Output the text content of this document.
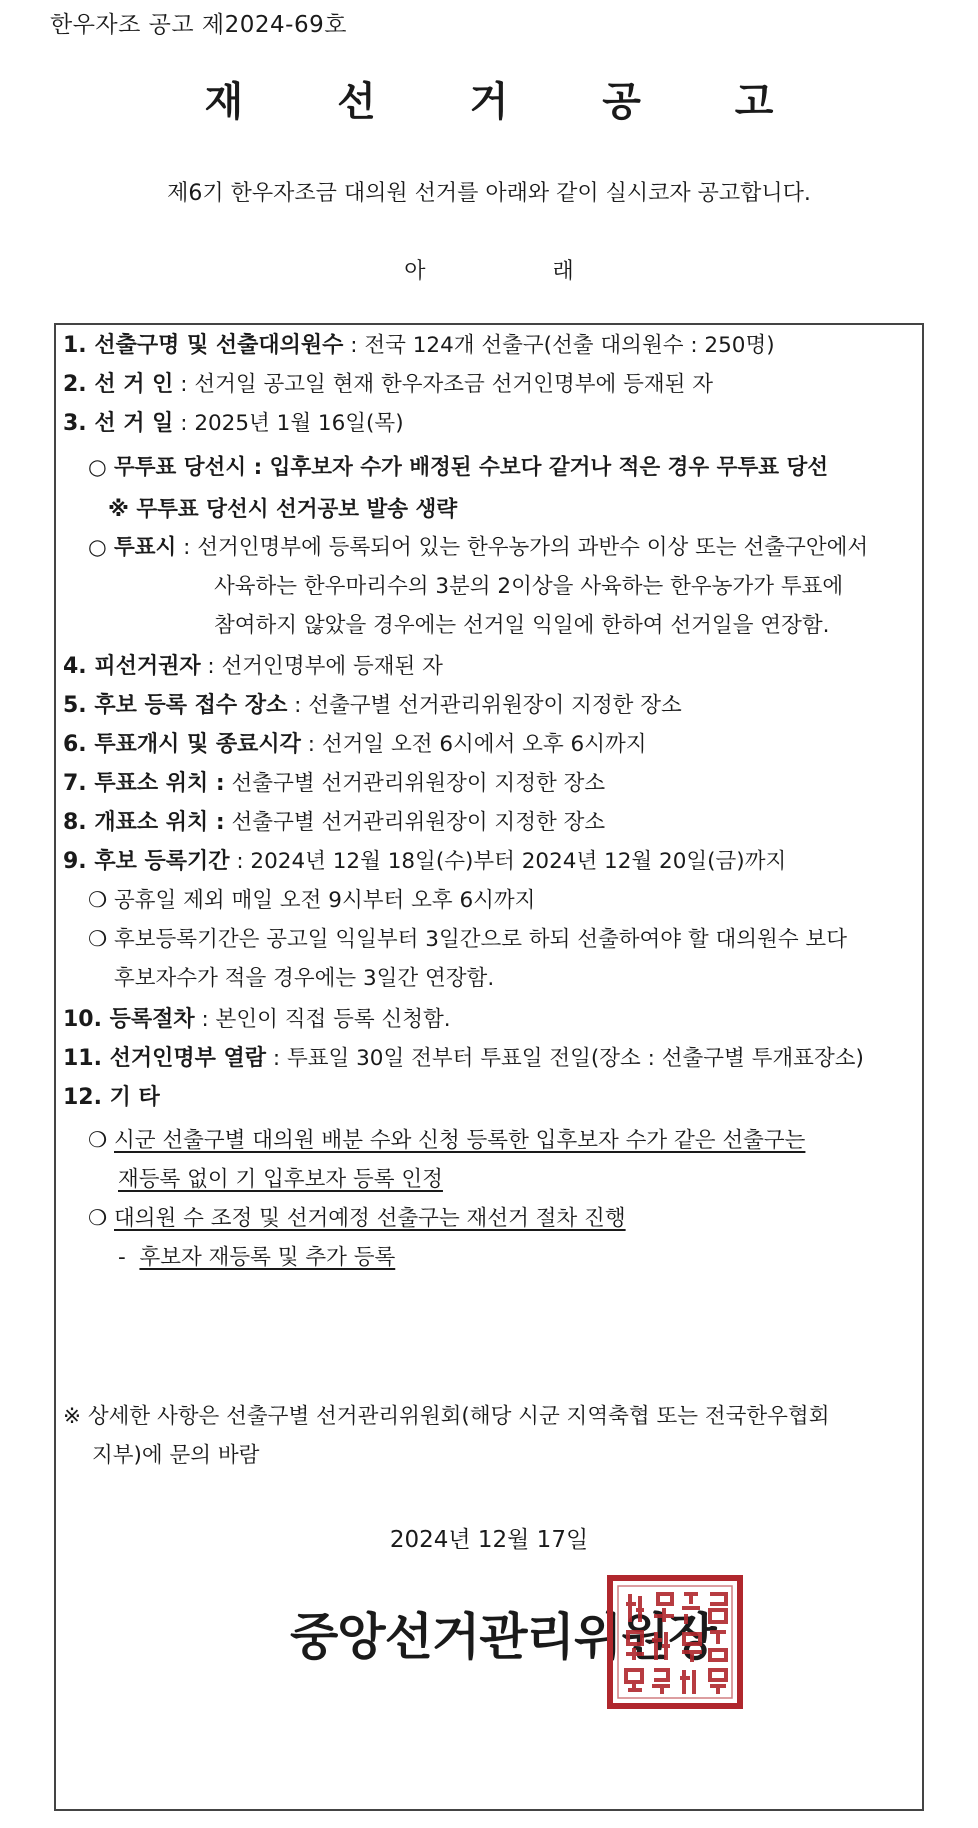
한우자조 공고 제2024-69호
재 선 거 공 고
제6기 한우자조금 대의원 선거를 아래와 같이 실시코자 공고합니다.
아 래
1. 선출구명 및 선출대의원수 : 전국 124개 선출구(선출 대의원수 : 250명)
2. 선 거 인 : 선거일 공고일 현재 한우자조금 선거인명부에 등재된 자
3. 선 거 일 : 2025년 1월 16일(목)
○ 무투표 당선시 : 입후보자 수가 배정된 수보다 같거나 적은 경우 무투표 당선
※ 무투표 당선시 선거공보 발송 생략
○ 투표시 : 선거인명부에 등록되어 있는 한우농가의 과반수 이상 또는 선출구안에서
사육하는 한우마리수의 3분의 2이상을 사육하는 한우농가가 투표에
참여하지 않았을 경우에는 선거일 익일에 한하여 선거일을 연장함.
4. 피선거권자 : 선거인명부에 등재된 자
5. 후보 등록 접수 장소 : 선출구별 선거관리위원장이 지정한 장소
6. 투표개시 및 종료시각 : 선거일 오전 6시에서 오후 6시까지
7. 투표소 위치 : 선출구별 선거관리위원장이 지정한 장소
8. 개표소 위치 : 선출구별 선거관리위원장이 지정한 장소
9. 후보 등록기간 : 2024년 12월 18일(수)부터 2024년 12월 20일(금)까지
❍ 공휴일 제외 매일 오전 9시부터 오후 6시까지
❍ 후보등록기간은 공고일 익일부터 3일간으로 하되 선출하여야 할 대의원수 보다
후보자수가 적을 경우에는 3일간 연장함.
10. 등록절차 : 본인이 직접 등록 신청함.
11. 선거인명부 열람 : 투표일 30일 전부터 투표일 전일(장소 : 선출구별 투개표장소)
12. 기 타
❍ 시군 선출구별 대의원 배분 수와 신청 등록한 입후보자 수가 같은 선출구는
재등록 없이 기 입후보자 등록 인정
❍ 대의원 수 조정 및 선거예정 선출구는 재선거 절차 진행
- 후보자 재등록 및 추가 등록
※ 상세한 사항은 선출구별 선거관리위원회(해당 시군 지역축협 또는 전국한우협회
지부)에 문의 바람
2024년 12월 17일
중앙선거관리위원장
